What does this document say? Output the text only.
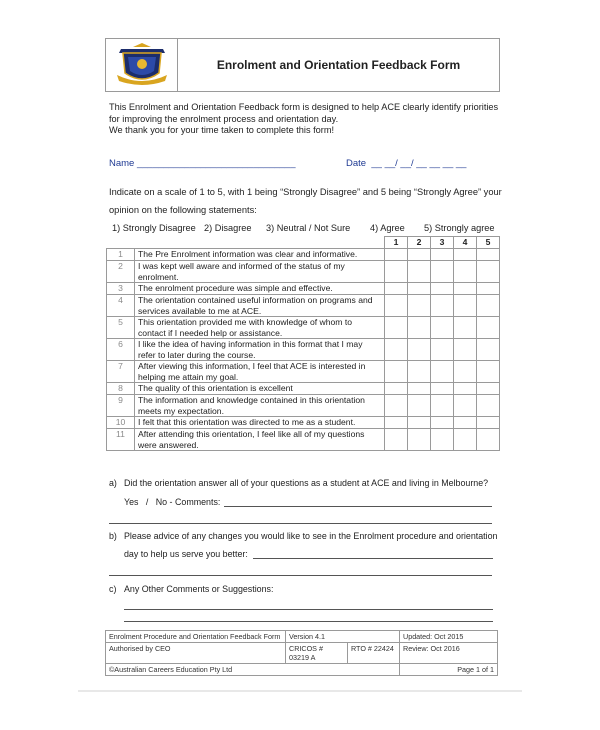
Enrolment and Orientation Feedback Form
This Enrolment and Orientation Feedback form is designed to help ACE clearly identify priorities for improving the enrolment process and orientation day.
We thank you for your time taken to complete this form!
Name ______________________________	Date __ __/ __/ __ __ __ __
Indicate on a scale of 1 to 5, with 1 being “Strongly Disagree” and 5 being “Strongly Agree” your opinion on the following statements:
1) Strongly Disagree 2) Disagree 3) Neutral / Not Sure 4) Agree 5) Strongly agree
		1	2	3	4	5
1	The Pre Enrolment information was clear and informative.					
2	I was kept well aware and informed of the status of my enrolment.					
3	The enrolment procedure was simple and effective.					
4	The orientation contained useful information on programs and services available to me at ACE.					
5	This orientation provided me with knowledge of whom to contact if I needed help or assistance.					
6	I like the idea of having information in this format that I may refer to later during the course.					
7	After viewing this information, I feel that ACE is interested in helping me attain my goal.					
8	The quality of this orientation is excellent					
9	The information and knowledge contained in this orientation meets my expectation.					
10	I felt that this orientation was directed to me as a student.					
11	After attending this orientation, I feel like all of my questions were answered.					
a) Did the orientation answer all of your questions as a student at ACE and living in Melbourne?
Yes   /   No - Comments:
b) Please advice of any changes you would like to see in the Enrolment procedure and orientation
day to help us serve you better:
c) Any Other Comments or Suggestions:
Enrolment Procedure and Orientation Feedback Form	Version 4.1		Updated: Oct 2015
Authorised by CEO	CRICOS # 03219 A	RTO # 22424	Review: Oct 2016
©Australian Careers Education Pty Ltd			Page 1 of 1
